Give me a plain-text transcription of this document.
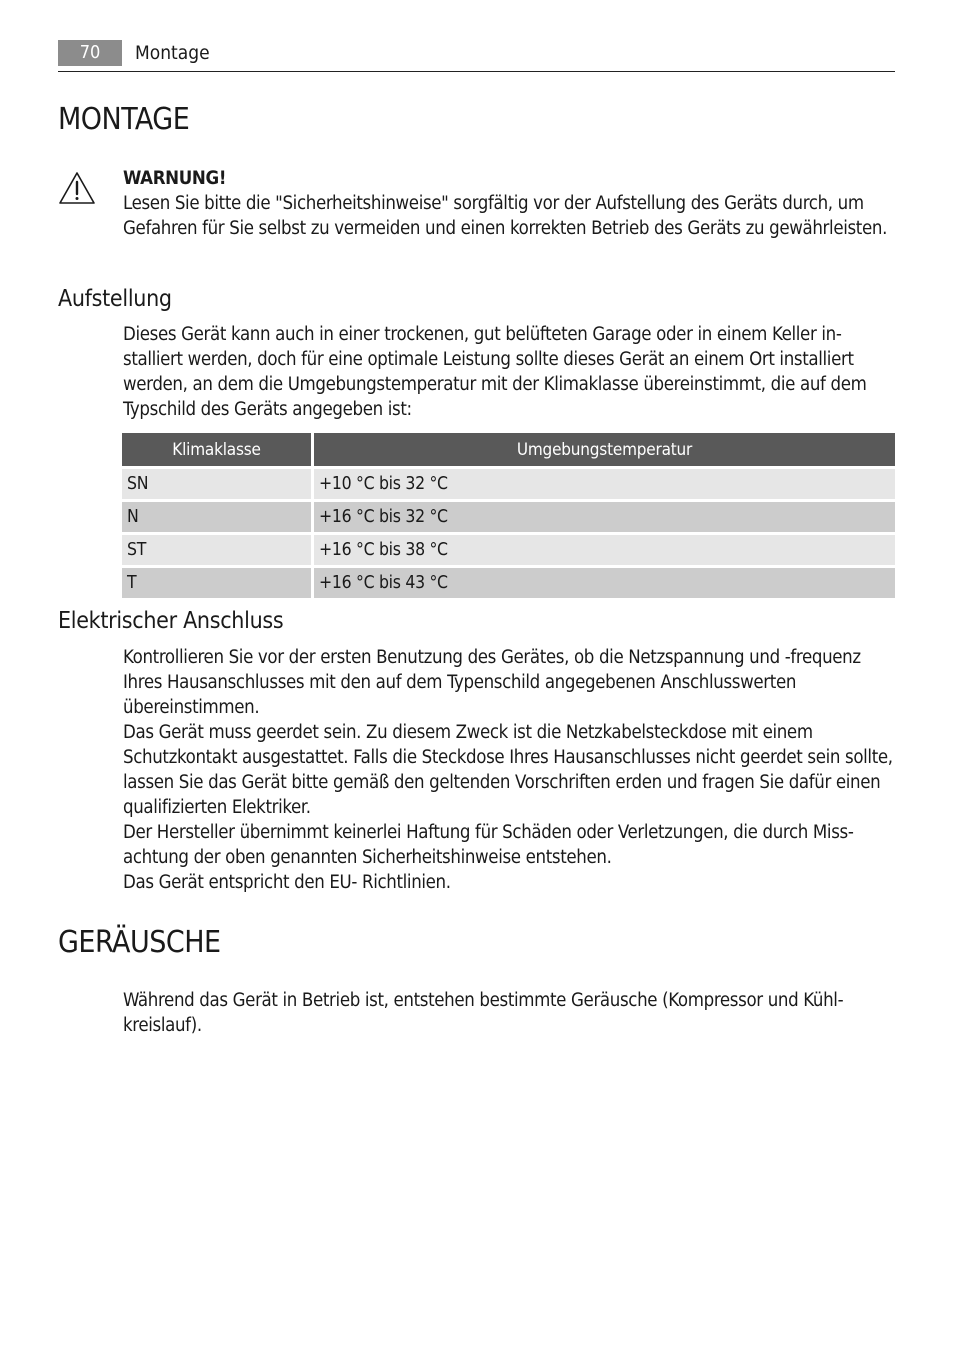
70	Montage
MONTAGE
WARNUNG!
Lesen Sie bitte die "Sicherheitshinweise" sorgfältig vor der Aufstellung des Geräts durch, um Gefahren für Sie selbst zu vermeiden und einen korrekten Betrieb des Geräts zu gewährleisten.
Aufstellung

Dieses Gerät kann auch in einer trockenen, gut belüfteten Garage oder in einem Keller installiert werden, doch für eine optimale Leistung sollte dieses Gerät an einem Ort installiert werden, an dem die Umgebungstemperatur mit der Klimaklasse übereinstimmt, die auf dem Typschild des Geräts angegeben ist:

Klimaklasse	Umgebungstemperatur
SN	+10 °C bis 32 °C
N	+16 °C bis 32 °C
ST	+16 °C bis 38 °C
T	+16 °C bis 43 °C
Elektrischer Anschluss
Kontrollieren Sie vor der ersten Benutzung des Gerätes, ob die Netzspannung und -frequenz Ihres Hausanschlusses mit den auf dem Typenschild angegebenen Anschlusswerten übereinstimmen.
Das Gerät muss geerdet sein. Zu diesem Zweck ist die Netzkabelsteckdose mit einem Schutzkontakt ausgestattet. Falls die Steckdose Ihres Hausanschlusses nicht geerdet sein sollte, lassen Sie das Gerät bitte gemäß den geltenden Vorschriften erden und fragen Sie dafür einen qualifizierten Elektriker.
Der Hersteller übernimmt keinerlei Haftung für Schäden oder Verletzungen, die durch Missachtung der oben genannten Sicherheitshinweise entstehen.
Das Gerät entspricht den EU- Richtlinien.
GERÄUSCHE

Während das Gerät in Betrieb ist, entstehen bestimmte Geräusche (Kompressor und Kühlkreislauf).
